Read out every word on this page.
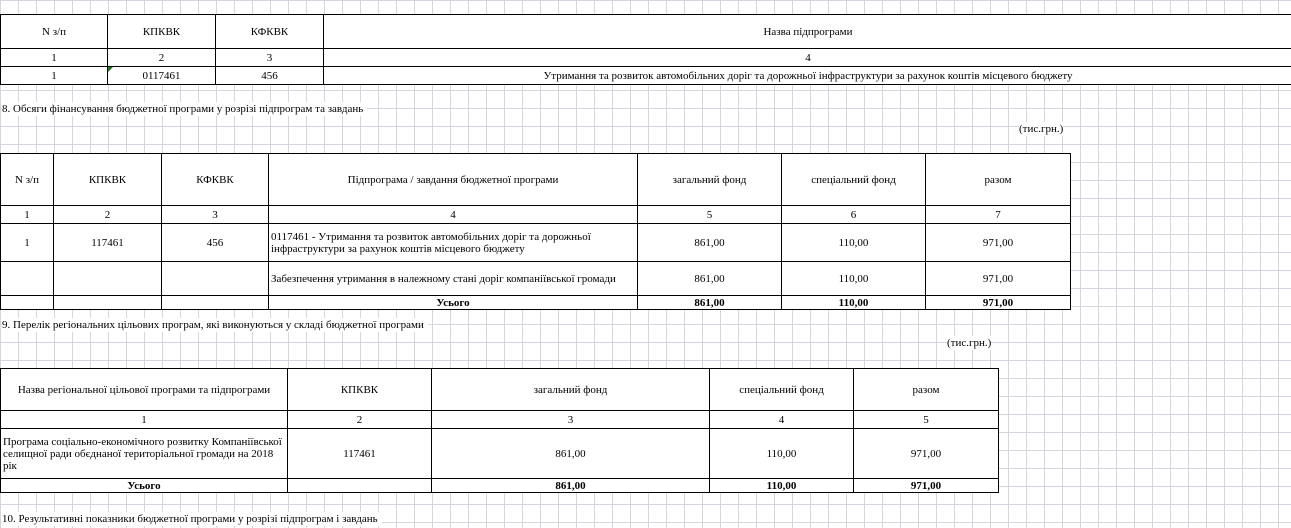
N з/п	КПКВК	КФКВК	Назва підпрограми
1	2	3	4
1	0117461	456	Утримання та розвиток автомобільних доріг та дорожньої інфраструктури за рахунок коштів місцевого бюджету
8. Обсяги фінансування бюджетної програми у розрізі підпрограм та завдань
(тис.грн.)
N з/п	КПКВК	КФКВК	Підпрограма / завдання бюджетної програми	загальний фонд	спеціальний фонд	разом
1	2	3	4	5	6	7
1	117461	456	0117461 - Утримання та розвиток автомобільних доріг та дорожньої інфраструктури за рахунок коштів місцевого бюджету	861,00	110,00	971,00
			Забезпечення утримання в належному стані доріг компаніївської громади	861,00	110,00	971,00
			Усього	861,00	110,00	971,00
9. Перелік регіональних цільових програм, які виконуються у складі бюджетної програми
(тис.грн.)
Назва регіональної цільової програми та підпрограми	КПКВК	загальний фонд	спеціальний фонд	разом
1	2	3	4	5
Програма соціально-економічного розвитку Компаніївської селищної ради обєднаної територіальної громади на 2018 рік	117461	861,00	110,00	971,00
Усього		861,00	110,00	971,00
10. Результативні показники бюджетної програми у розрізі підпрограм і завдань
